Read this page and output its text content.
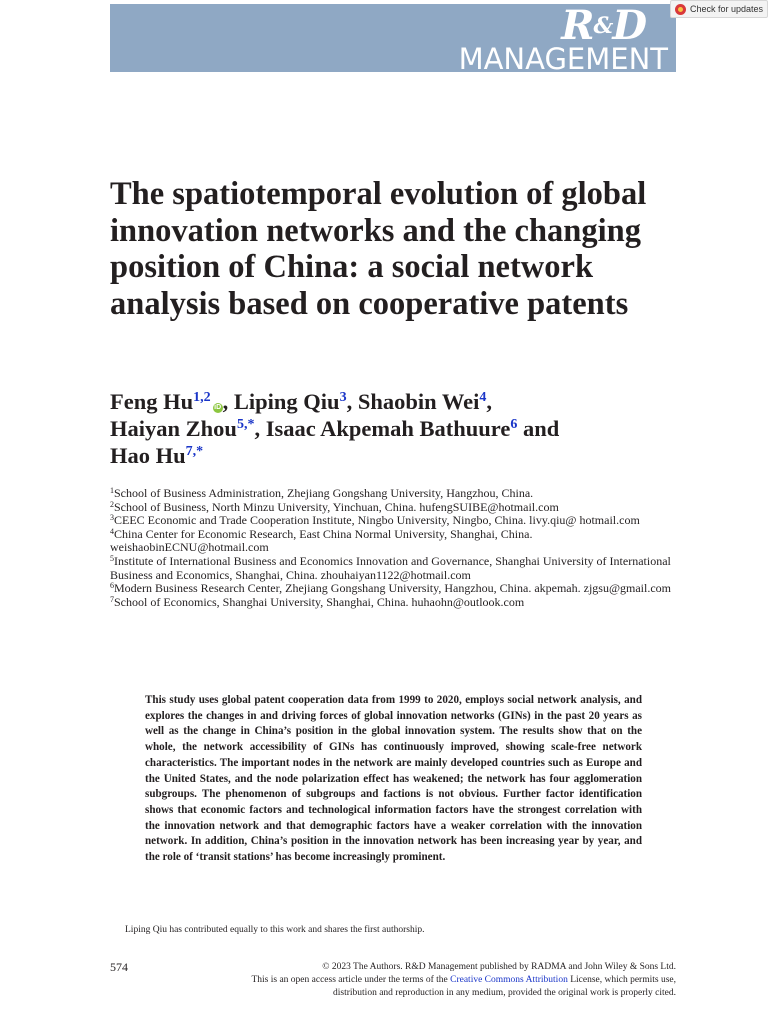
R&D
MANAGEMENT
Check for updates
The spatiotemporal evolution of global innovation networks and the changing position of China: a social network analysis based on cooperative patents

Feng Hu$^{1,2}$iD, Liping Qiu$^3$, Shaobin Wei$^4$,
Haiyan Zhou$^{5,*}$, Isaac Akpemah Bathuure$^6$ and
Hao $Hu^{7,*}$

$^1$School of Business Administration, Zhejiang Gongshang University, Hangzhou, China.
$^2$School of Business, North Minzu University, Yinchuan, China. hufengSUIBE@hotmail.com
$^3$CEEC Economic and Trade Cooperation Institute, Ningbo University, Ningbo, China. livy.qiu@ hotmail.com
$^4$China Center for Economic Research, East China Normal University, Shanghai, China. weishaobinECNU@hotmail.com
$^5$Institute of International Business and Economics Innovation and Governance, Shanghai University of International Business and Economics, Shanghai, China. zhouhaiyan1122@hotmail.com
$^6$Modern Business Research Center, Zhejiang Gongshang University, Hangzhou, China. akpemah. zjgsu@gmail.com
$^7$School of Economics, Shanghai University, Shanghai, China. huhaohn@outlook.com

This study uses global patent cooperation data from 1999 to 2020, employs social network analysis, and explores the changes in and driving forces of global innovation networks (GINs) in the past 20 years as well as the change in China’s position in the global innovation system. The results show that on the whole, the network accessibility of GINs has continuously improved, showing scale-free network characteristics. The important nodes in the network are mainly developed countries such as Europe and the United States, and the node polarization effect has weakened; the network has four agglomeration subgroups. The phenomenon of subgroups and factions is not obvious. Further factor identification shows that economic factors and technological information factors have the strongest correlation with the innovation network and that demographic factors have a weaker correlation with the innovation network. In addition, China’s position in the innovation network has been increasing year by year, and the role of ‘transit stations’ has become increasingly prominent.

Liping Qiu has contributed equally to this work and shares the first authorship.
574	© 2023 The Authors. R&D Management published by RADMA and John Wiley & Sons Ltd.
This is an open access article under the terms of the Creative Commons Attribution License, which permits use,
distribution and reproduction in any medium, provided the original work is properly cited.
